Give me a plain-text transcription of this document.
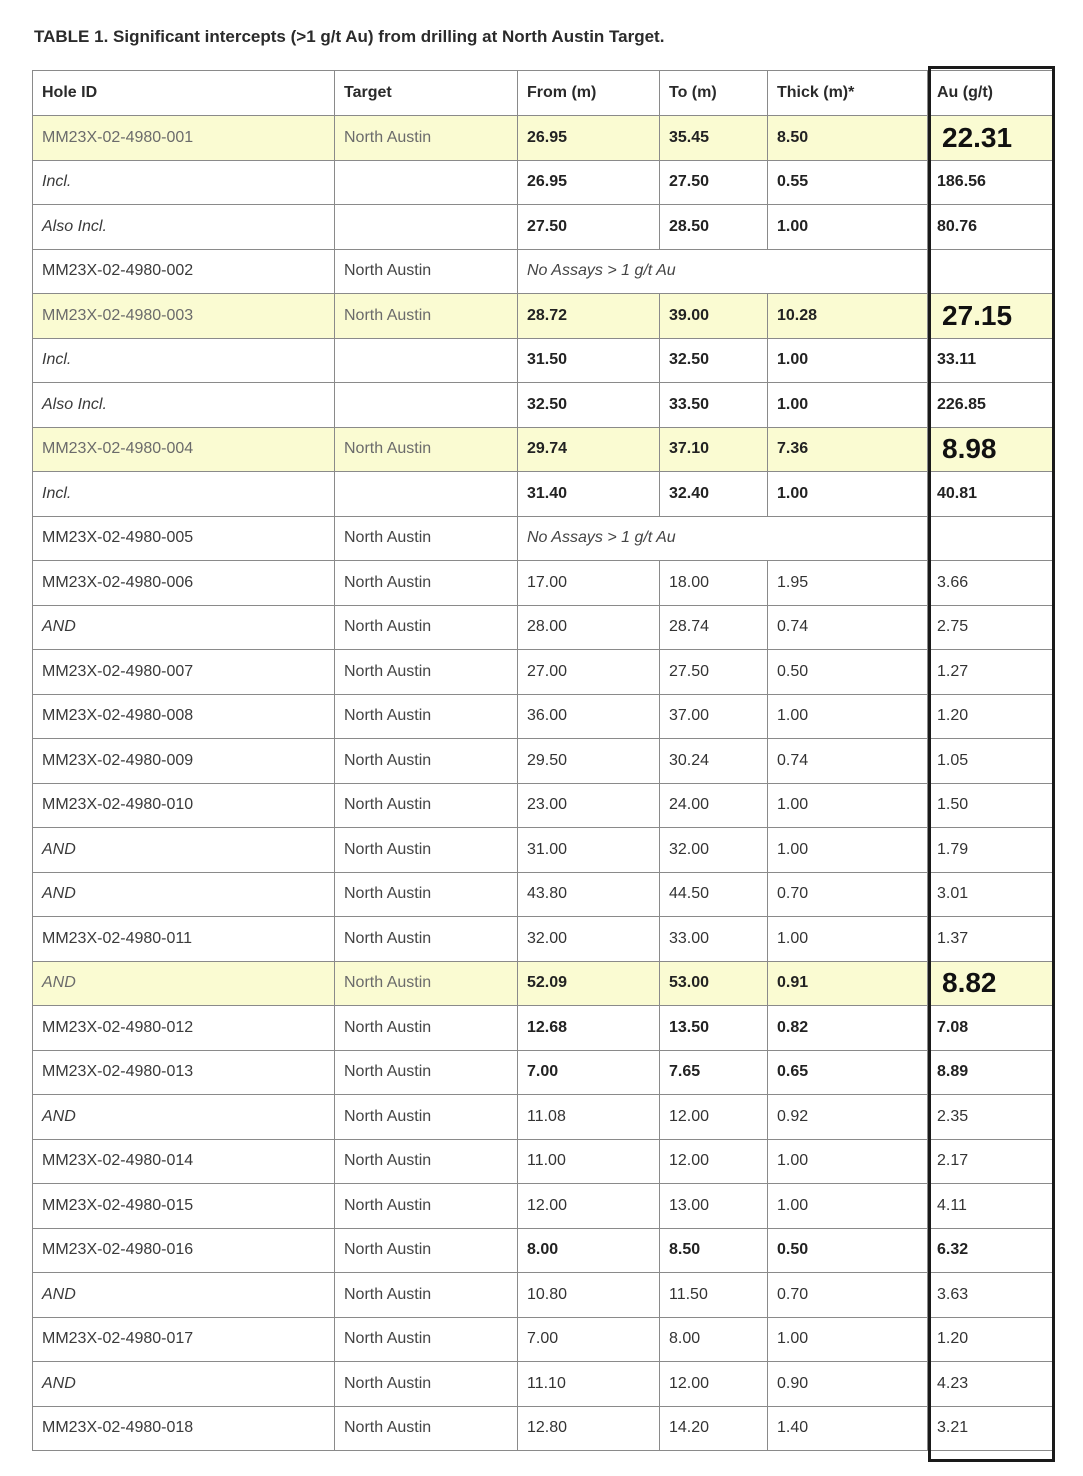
TABLE 1. Significant intercepts (>1 g/t Au) from drilling at North Austin Target.
Hole ID	Target	From (m)	To (m)	Thick (m)*	Au (g/t)
MM23X-02-4980-001	North Austin	26.95	35.45	8.50	22.31
Incl.		26.95	27.50	0.55	186.56
Also Incl.		27.50	28.50	1.00	80.76
MM23X-02-4980-002	North Austin	No Assays > 1 g/t Au			
MM23X-02-4980-003	North Austin	28.72	39.00	10.28	27.15
Incl.		31.50	32.50	1.00	33.11
Also Incl.		32.50	33.50	1.00	226.85
MM23X-02-4980-004	North Austin	29.74	37.10	7.36	8.98
Incl.		31.40	32.40	1.00	40.81
MM23X-02-4980-005	North Austin	No Assays > 1 g/t Au			
MM23X-02-4980-006	North Austin	17.00	18.00	1.95	3.66
AND	North Austin	28.00	28.74	0.74	2.75
MM23X-02-4980-007	North Austin	27.00	27.50	0.50	1.27
MM23X-02-4980-008	North Austin	36.00	37.00	1.00	1.20
MM23X-02-4980-009	North Austin	29.50	30.24	0.74	1.05
MM23X-02-4980-010	North Austin	23.00	24.00	1.00	1.50
AND	North Austin	31.00	32.00	1.00	1.79
AND	North Austin	43.80	44.50	0.70	3.01
MM23X-02-4980-011	North Austin	32.00	33.00	1.00	1.37
AND	North Austin	52.09	53.00	0.91	8.82
MM23X-02-4980-012	North Austin	12.68	13.50	0.82	7.08
MM23X-02-4980-013	North Austin	7.00	7.65	0.65	8.89
AND	North Austin	11.08	12.00	0.92	2.35
MM23X-02-4980-014	North Austin	11.00	12.00	1.00	2.17
MM23X-02-4980-015	North Austin	12.00	13.00	1.00	4.11
MM23X-02-4980-016	North Austin	8.00	8.50	0.50	6.32
AND	North Austin	10.80	11.50	0.70	3.63
MM23X-02-4980-017	North Austin	7.00	8.00	1.00	1.20
AND	North Austin	11.10	12.00	0.90	4.23
MM23X-02-4980-018	North Austin	12.80	14.20	1.40	3.21
